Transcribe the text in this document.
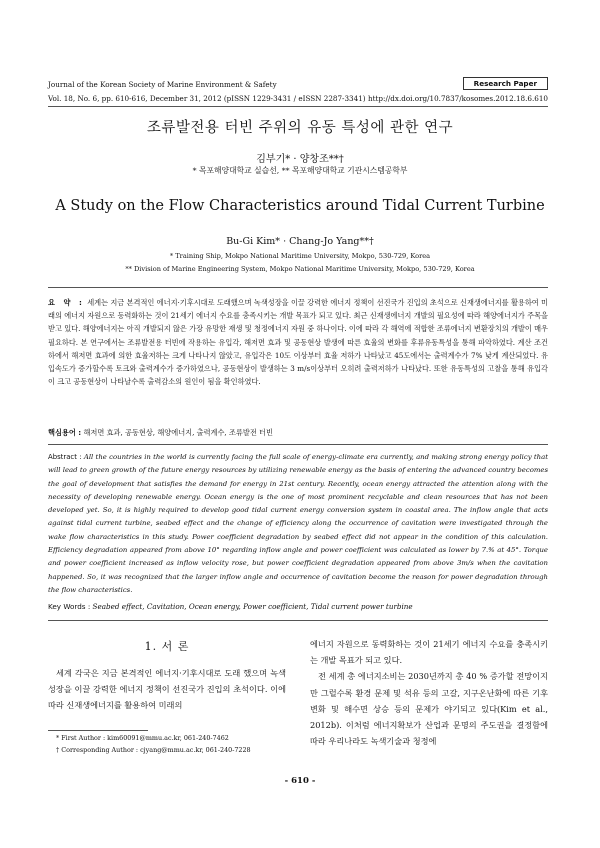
Journal of the Korean Society of Marine Environment & Safety	Research Paper
Vol. 18, No. 6, pp. 610-616, December 31, 2012 (pISSN 1229-3431 / eISSN 2287-3341) http://dx.doi.org/10.7837/kosomes.2012.18.6.610
조류발전용 터빈 주위의 유동 특성에 관한 연구
김부기* · 양창조**†
* 목포해양대학교 실습선, ** 목포해양대학교 기관시스템공학부
A Study on the Flow Characteristics around Tidal Current Turbine
Bu-Gi Kim* · Chang-Jo Yang**†
* Training Ship, Mokpo National Maritime University, Mokpo, 530-729, Korea
** Division of Marine Engineering System, Mokpo National Maritime University, Mokpo, 530-729, Korea
요 약 : 세계는 지금 본격적인 에너지·기후시대로 도래했으며 녹색성장을 이끌 강력한 에너지 정책이 선진국가 진입의 초석으로 신재생에너지를 활용하여 미래의 에너지 자원으로 동력화하는 것이 21세기 에너지 수요를 충족시키는 개발 목표가 되고 있다. 최근 신재생에너지 개발의 필요성에 따라 해양에너지가 주목을 받고 있다. 해양에너지는 아직 개발되지 않은 가장 유망한 재생 및 청정에너지 자원 중 하나이다. 이에 따라 각 해역에 적합한 조류에너지 변환장치의 개발이 매우 필요하다. 본 연구에서는 조류발전용 터빈에 작용하는 유입각, 해저면 효과 및 공동현상 발생에 따른 효율의 변화를 후류유동특성을 통해 파악하였다. 계산 조건하에서 해저면 효과에 의한 효율저하는 크게 나타나지 않았고, 유입각은 10도 이상부터 효율 저하가 나타났고 45도에서는 출력계수가 7% 낮게 계산되었다. 유입속도가 증가할수록 토크와 출력계수가 증가하였으나, 공동현상이 발생하는 3 m/s이상부터 오히려 출력저하가 나타났다. 또한 유동특성의 고찰을 통해 유입각이 크고 공동현상이 나타날수록 출력감소의 원인이 됨을 확인하였다.
핵심용어 : 해저면 효과, 공동현상, 해양에너지, 출력계수, 조류발전 터빈
Abstract : All the countries in the world is currently facing the full scale of energy-climate era currently, and making strong energy policy that will lead to green growth of the future energy resources by utilizing renewable energy as the basis of entering the advanced country becomes the goal of development that satisfies the demand for energy in 21st century. Recently, ocean energy attracted the attention along with the necessity of developing renewable energy. Ocean energy is the one of most prominent recyclable and clean resources that has not been developed yet. So, it is highly required to develop good tidal current energy conversion system in coastal area. The inflow angle that acts against tidal current turbine, seabed effect and the change of efficiency along the occurrence of cavitation were investigated through the wake flow characteristics in this study. Power coefficient degradation by seabed effect did not appear in the condition of this calculation. Efficiency degradation appeared from above 10° regarding inflow angle and power coefficient was calculated as lower by 7.% at 45°. Torque and power coefficient increased as inflow velocity rose, but power coefficient degradation appeared from above 3m/s when the cavitation happened. So, it was recognized that the larger inflow angle and occurrence of cavitation become the reason for power degradation through the flow characteristics.
Key Words : Seabed effect, Cavitation, Ocean energy, Power coefficient, Tidal current power turbine
1. 서 론
세계 각국은 지금 본격적인 에너지·기후시대로 도래 했으며 녹색성장을 이끌 강력한 에너지 정책이 선진국가 진입의 초석이다. 이에 따라 신재생에너지를 활용하여 미래의

에너지 자원으로 동력화하는 것이 21세기 에너지 수요를 충족시키는 개발 목표가 되고 있다.

전 세계 총 에너지소비는 2030년까지 총 40 % 증가할 전망이지만 그럴수록 환경 문제 및 석유 등의 고갈, 지구온난화에 따른 기후변화 및 해수면 상승 등의 문제가 야기되고 있다(Kim et al., 2012b). 이처럼 에너지확보가 산업과 문명의 주도권을 결정함에 따라 우리나라도 녹색기술과 청정에

* First Author : kim60091@mmu.ac.kr, 061-240-7462
† Corresponding Author : cjyang@mmu.ac.kr, 061-240-7228
- 610 -
